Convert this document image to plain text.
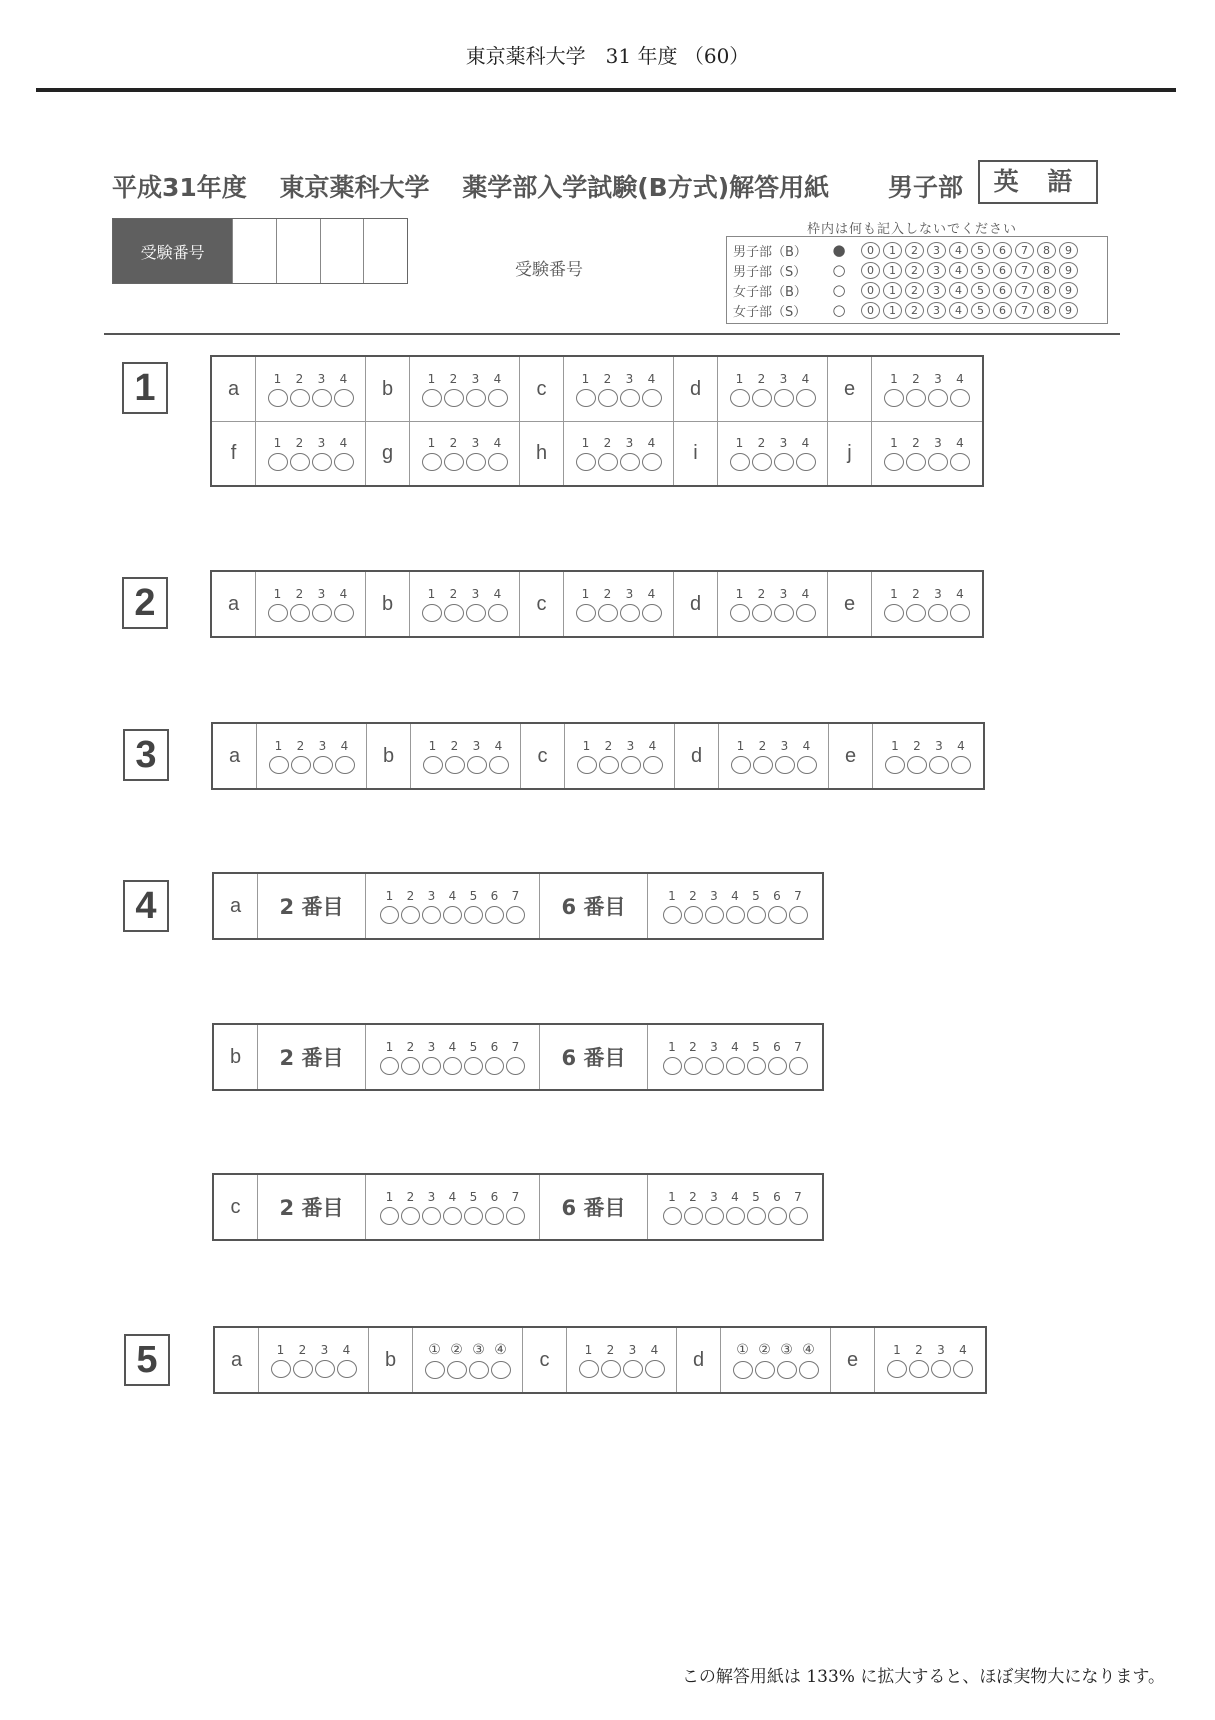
東京薬科大学　31 年度 （60）
平成31年度 東京薬科大学 薬学部入学試験(B方式)解答用紙	男子部	英 語
受験番号
受験番号
枠内は何も記入しないでください
男子部（B）	●	0	1	2	3	4	5	6	7	8	9
男子部（S）	○	0	1	2	3	4	5	6	7	8	9
女子部（B）	○	0	1	2	3	4	5	6	7	8	9
女子部（S）	○	0	1	2	3	4	5	6	7	8	9
1	a	1	2	3	4	b	1	2	3	4	c	1	2	3	4	d	1	2	3	4	e	1	2	3	4
f	1	2	3	4	g	1	2	3	4	h	1	2	3	4	i	1	2	3	4	j	1	2	3	4
2	a	1	2	3	4	b	1	2	3	4	c	1	2	3	4	d	1	2	3	4	e	1	2	3	4
3	a	1	2	3	4	b	1	2	3	4	c	1	2	3	4	d	1	2	3	4	e	1	2	3	4
4	a	2 番目	1	2	3	4	5	6	7	6 番目	1	2	3	4	5	6	7
b	2 番目	1	2	3	4	5	6	7	6 番目	1	2	3	4	5	6	7
c	2 番目	1	2	3	4	5	6	7	6 番目	1	2	3	4	5	6	7
5	a	1	2	3	4	b	① ② ③ ④	c	1	2	3	4	d	① ② ③ ④	e	1	2	3	4
この解答用紙は 133% に拡大すると、ほぼ実物大になります。
